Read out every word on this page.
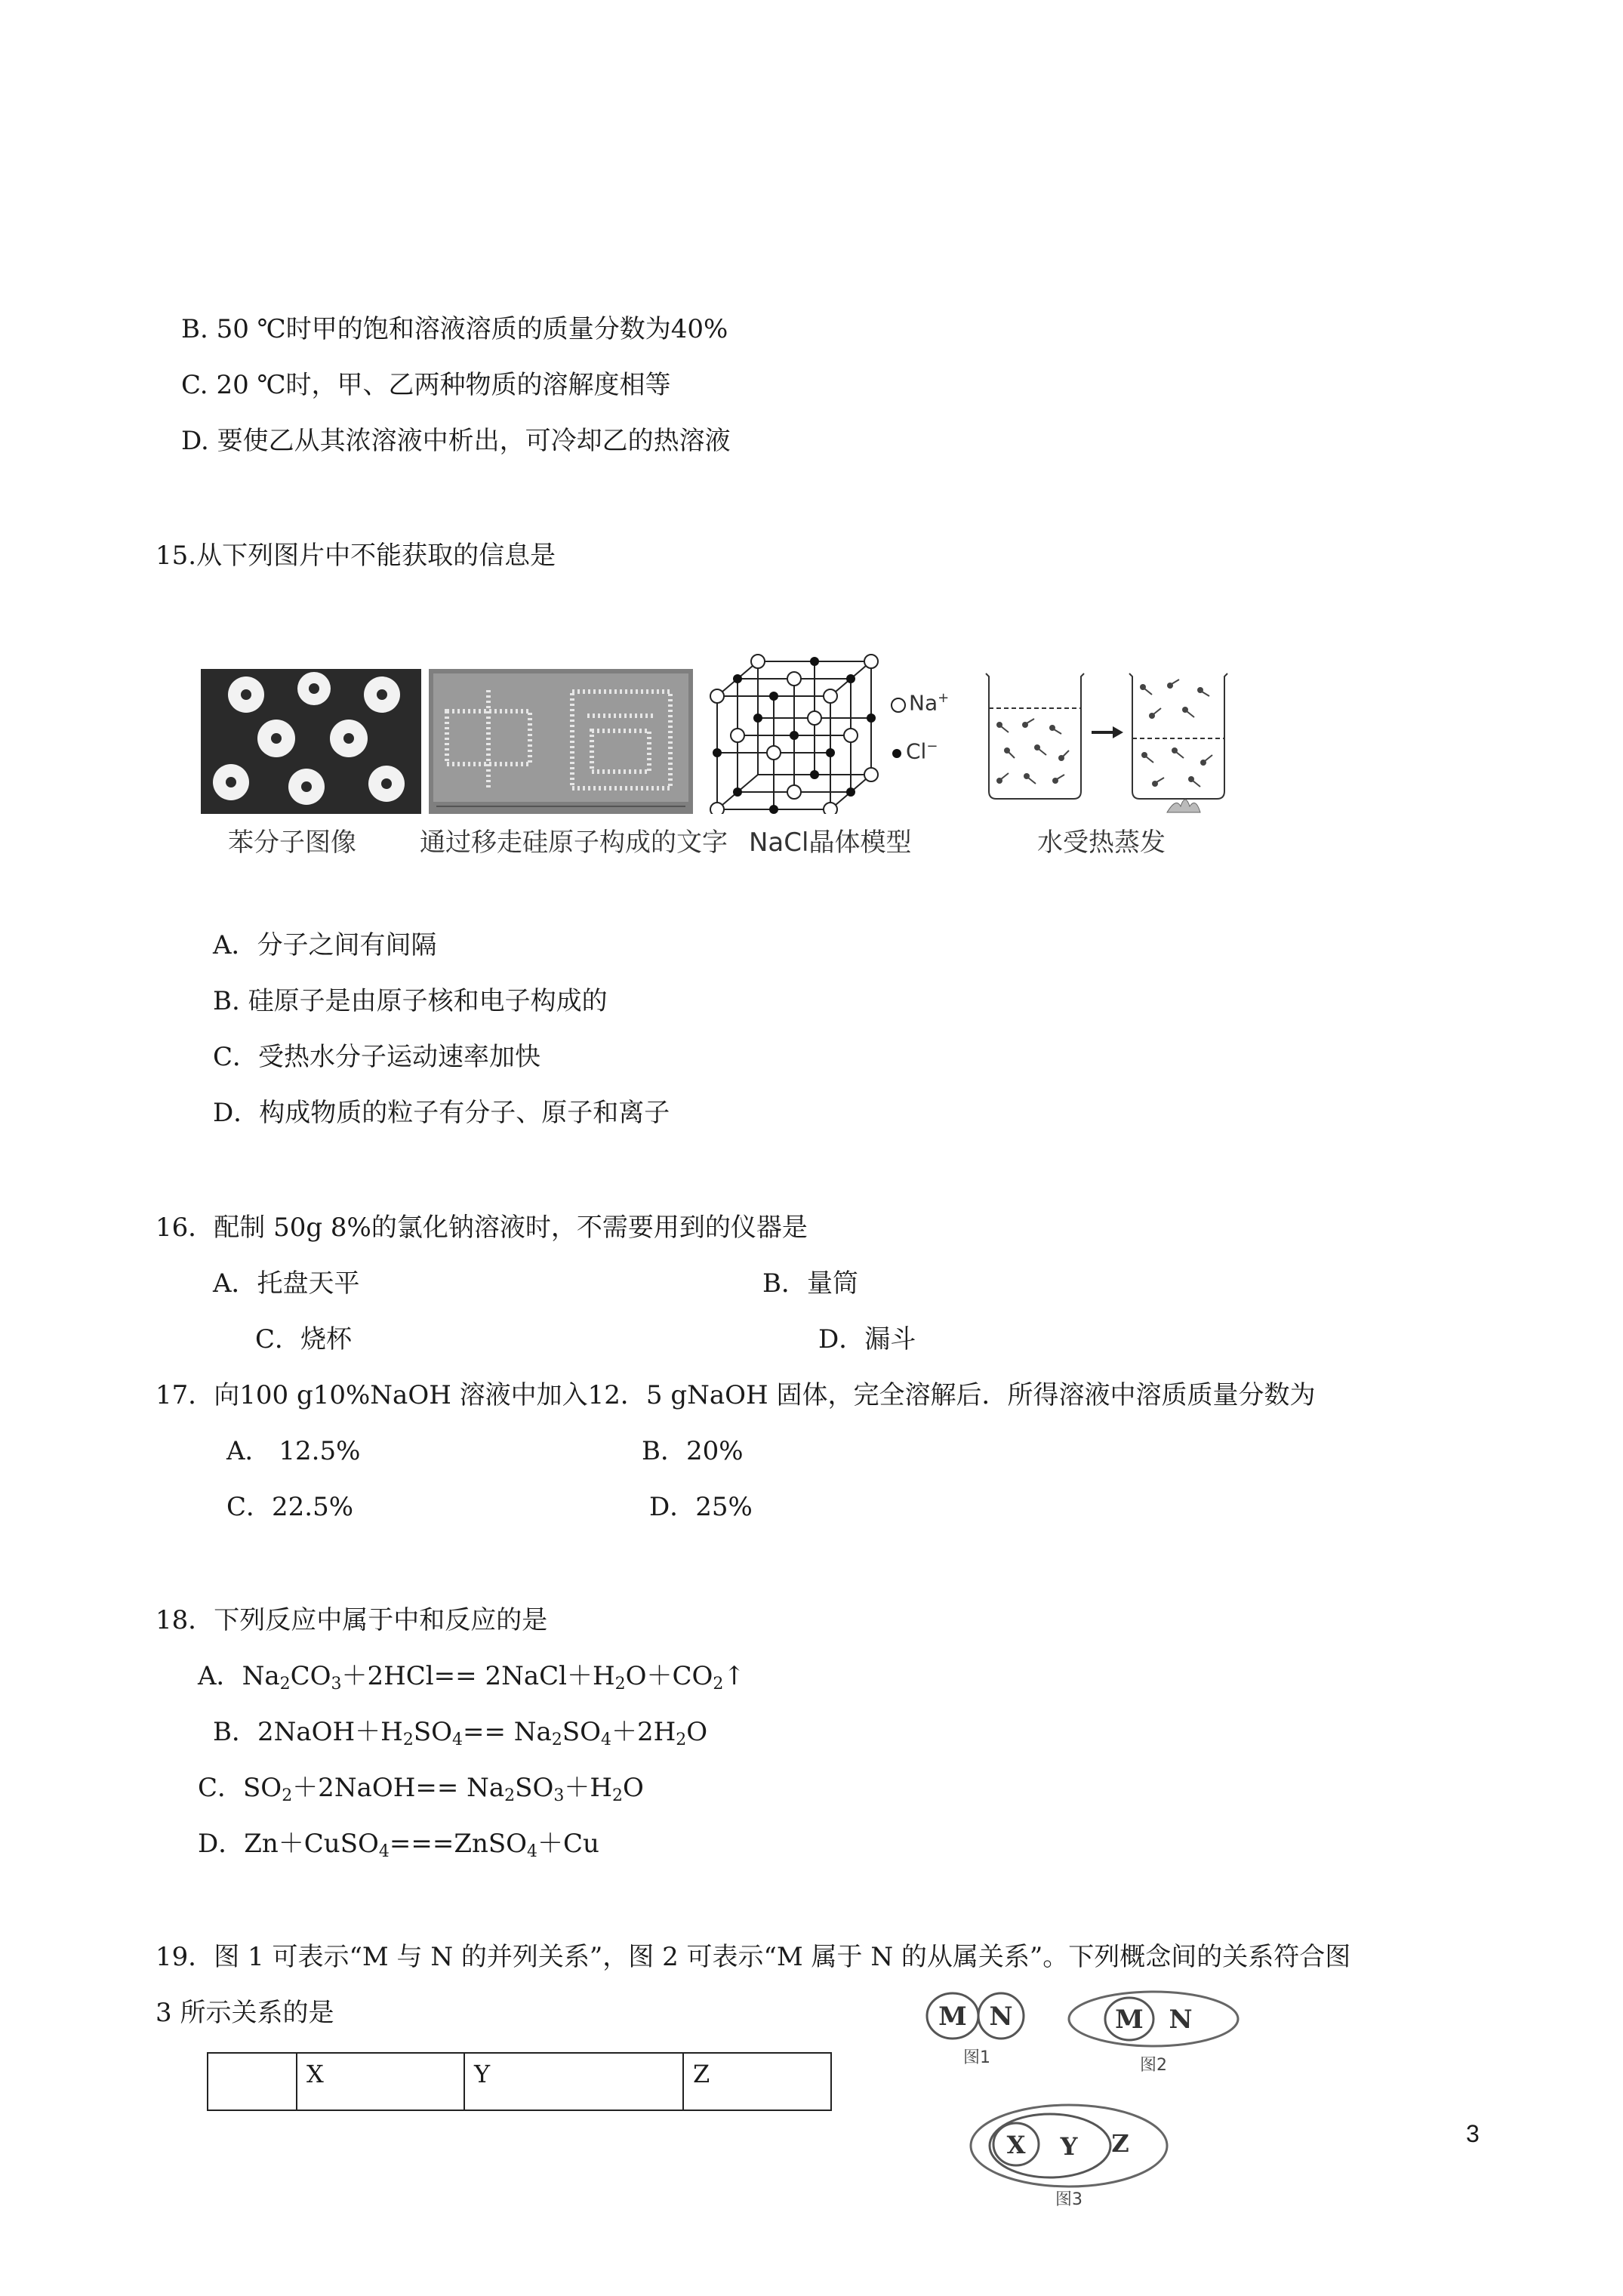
B. 50 ℃时甲的饱和溶液溶质的质量分数为40%
C. 20 ℃时，甲、乙两种物质的溶解度相等
D. 要使乙从其浓溶液中析出，可冷却乙的热溶液
15.从下列图片中不能获取的信息是
苯分子图像 通过移走硅原子构成的文字
Na+
Cl−
NaCl晶体模型	水受热蒸发
A．分子之间有间隔
B. 硅原子是由原子核和电子构成的
C．受热水分子运动速率加快
D．构成物质的粒子有分子、原子和离子
16．配制 50g 8%的氯化钠溶液时，不需要用到的仪器是
A．托盘天平	B．量筒
C．烧杯	D．漏斗
17．向100 g10%NaOH 溶液中加入12．5 gNaOH 固体，完全溶解后．所得溶液中溶质质量分数为
A． 12.5%	B．20%
C．22.5%	D．25%
18．下列反应中属于中和反应的是
A．$Na_2CO_3+2HCl==$ $2NaCl+H_2O+CO_2↑$
B．$2NaOH+H_2SO_4== Na_2SO_4+2H_2O$
C．$SO_2+2NaOH== Na_2SO_3+H_2O$
D．Zn＋CuSO$_4$===ZnSO$_4$＋Cu
19．图 1 可表示“M 与 N 的并列关系”，图 2 可表示“M 属于 N 的从属关系”。下列概念间的关系符合图
3 所示关系的是
	X	Y	Z
M N
图1
M N
图2
X Y Z
图3
3
